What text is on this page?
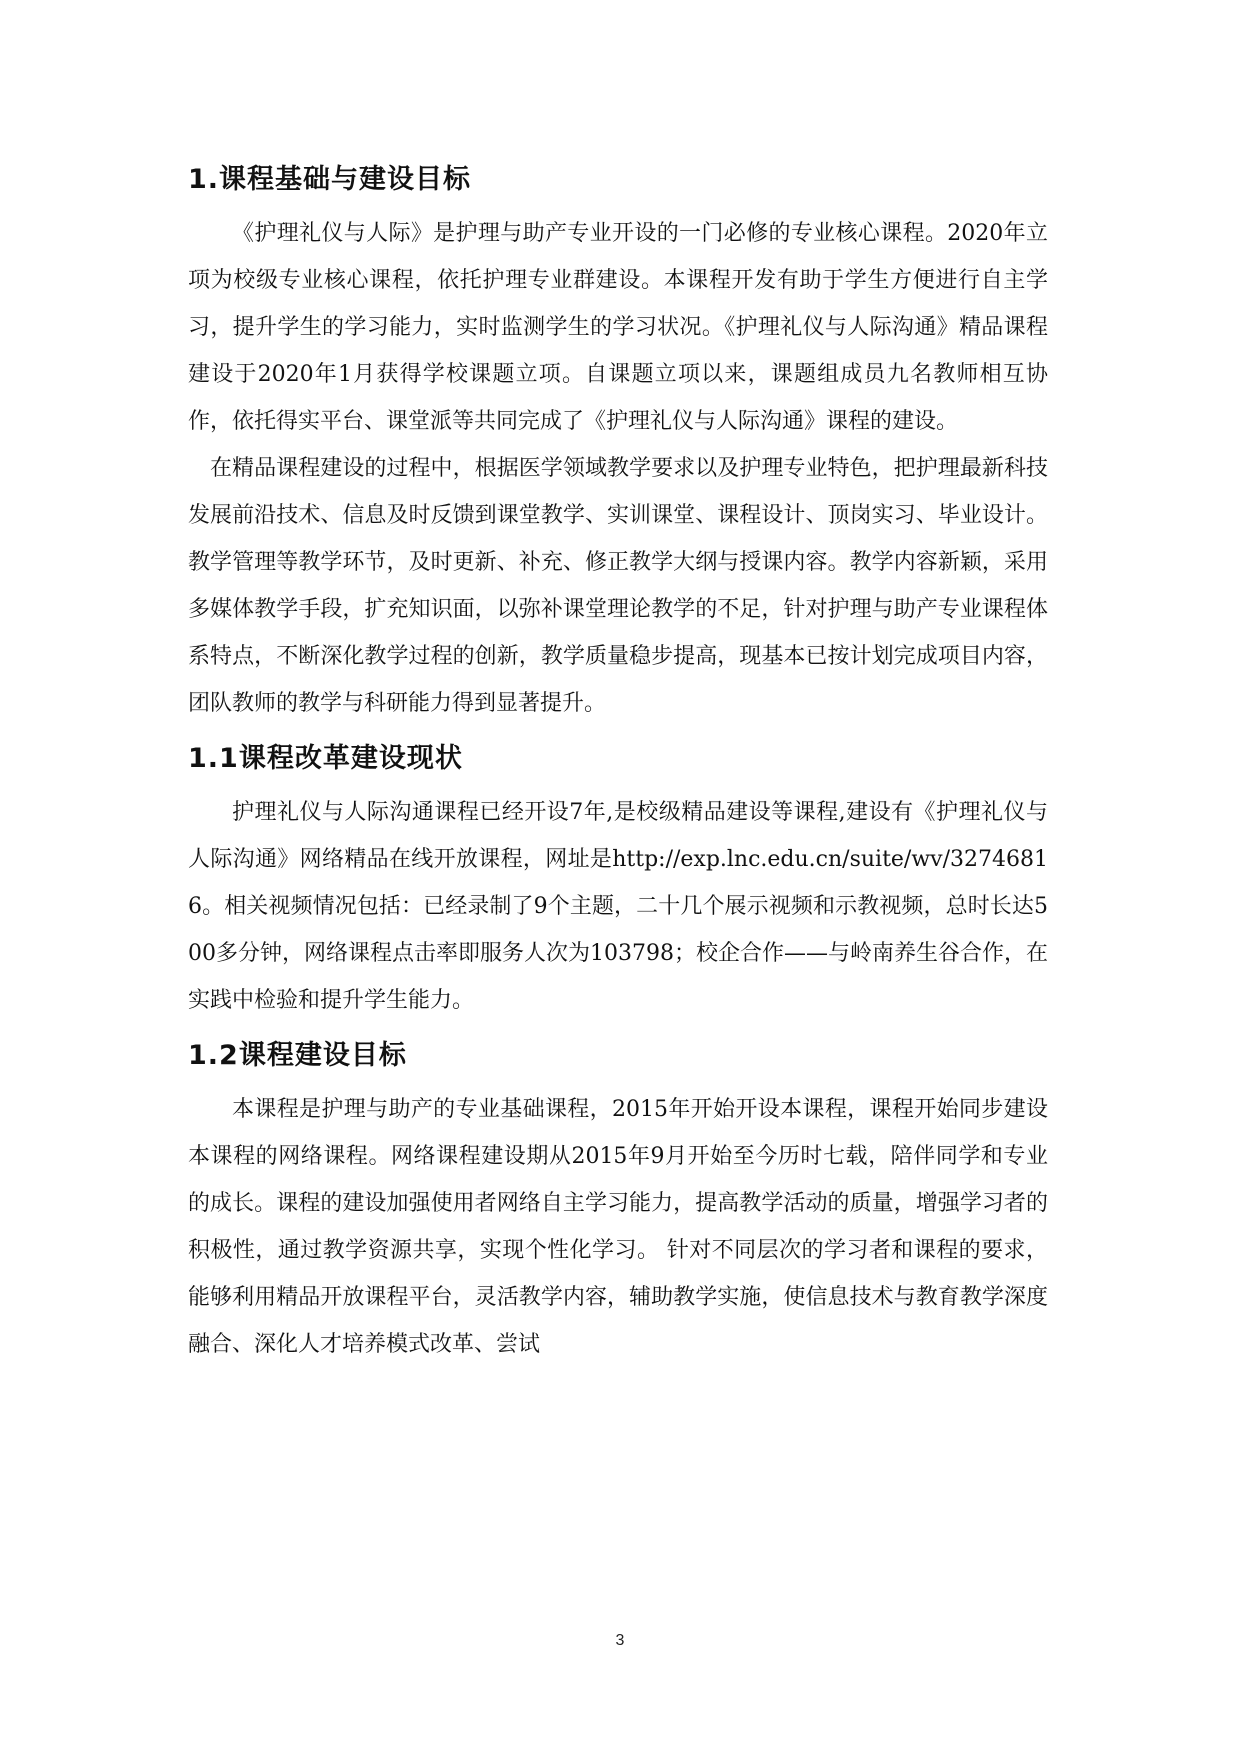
1.课程基础与建设目标

《护理礼仪与人际》是护理与助产专业开设的一门必修的专业核心课程。2020年立项为校级专业核心课程，依托护理专业群建设。本课程开发有助于学生方便进行自主学习，提升学生的学习能力，实时监测学生的学习状况。《护理礼仪与人际沟通》精品课程建设于2020年1月获得学校课题立项。自课题立项以来，课题组成员九名教师相互协作，依托得实平台、课堂派等共同完成了《护理礼仪与人际沟通》课程的建设。

在精品课程建设的过程中，根据医学领域教学要求以及护理专业特色，把护理最新科技发展前沿技术、信息及时反馈到课堂教学、实训课堂、课程设计、顶岗实习、毕业设计。教学管理等教学环节，及时更新、补充、修正教学大纲与授课内容。教学内容新颖，采用多媒体教学手段，扩充知识面，以弥补课堂理论教学的不足，针对护理与助产专业课程体系特点，不断深化教学过程的创新，教学质量稳步提高，现基本已按计划完成项目内容，团队教师的教学与科研能力得到显著提升。

1.1课程改革建设现状

护理礼仪与人际沟通课程已经开设7年,是校级精品建设等课程,建设有《护理礼仪与人际沟通》网络精品在线开放课程，网址是http://exp.lnc.edu.cn/suite/wv/32746816。相关视频情况包括：已经录制了9个主题，二十几个展示视频和示教视频，总时长达500多分钟，网络课程点击率即服务人次为103798；校企合作——与岭南养生谷合作，在实践中检验和提升学生能力。

1.2课程建设目标

本课程是护理与助产的专业基础课程，2015年开始开设本课程，课程开始同步建设本课程的网络课程。网络课程建设期从2015年9月开始至今历时七载，陪伴同学和专业的成长。课程的建设加强使用者网络自主学习能力，提高教学活动的质量，增强学习者的积极性，通过教学资源共享，实现个性化学习。 针对不同层次的学习者和课程的要求，能够利用精品开放课程平台，灵活教学内容，辅助教学实施，使信息技术与教育教学深度融合、深化人才培养模式改革、尝试

3
